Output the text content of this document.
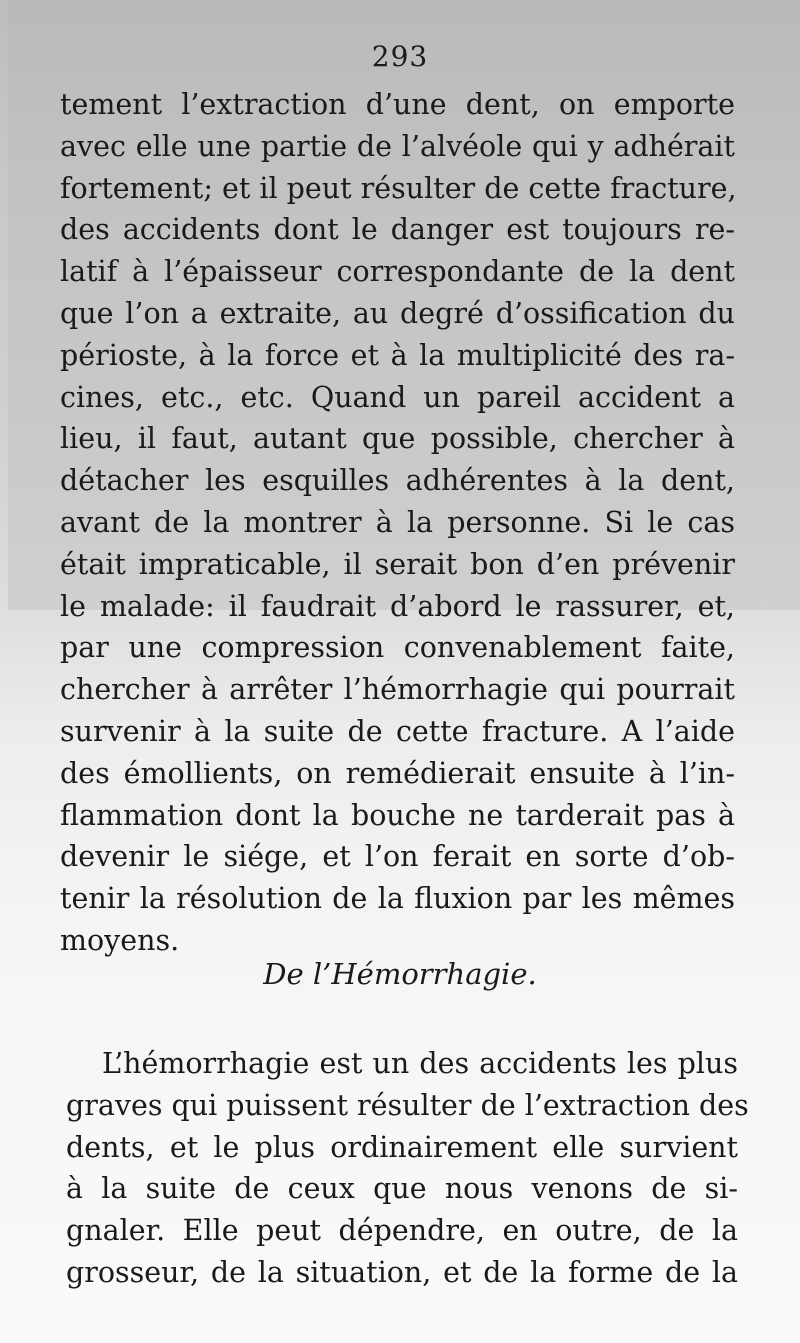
293
tement l’extraction d’une dent, on emporte
avec elle une partie de l’alvéole qui y adhérait
fortement; et il peut résulter de cette fracture,
des accidents dont le danger est toujours re-
latif à l’épaisseur correspondante de la dent
que l’on a extraite, au degré d’ossification du
périoste, à la force et à la multiplicité des ra-
cines, etc., etc. Quand un pareil accident a
lieu, il faut, autant que possible, chercher à
détacher les esquilles adhérentes à la dent,
avant de la montrer à la personne. Si le cas
était impraticable, il serait bon d’en prévenir
le malade: il faudrait d’abord le rassurer, et,
par une compression convenablement faite,
chercher à arrêter l’hémorrhagie qui pourrait
survenir à la suite de cette fracture. A l’aide
des émollients, on remédierait ensuite à l’in-
flammation dont la bouche ne tarderait pas à
devenir le siége, et l’on ferait en sorte d’ob-
tenir la résolution de la fluxion par les mêmes
moyens.
De l’Hémorrhagie.
L’hémorrhagie est un des accidents les plus
graves qui puissent résulter de l’extraction des
dents, et le plus ordinairement elle survient
à la suite de ceux que nous venons de si-
gnaler. Elle peut dépendre, en outre, de la
grosseur, de la situation, et de la forme de la
